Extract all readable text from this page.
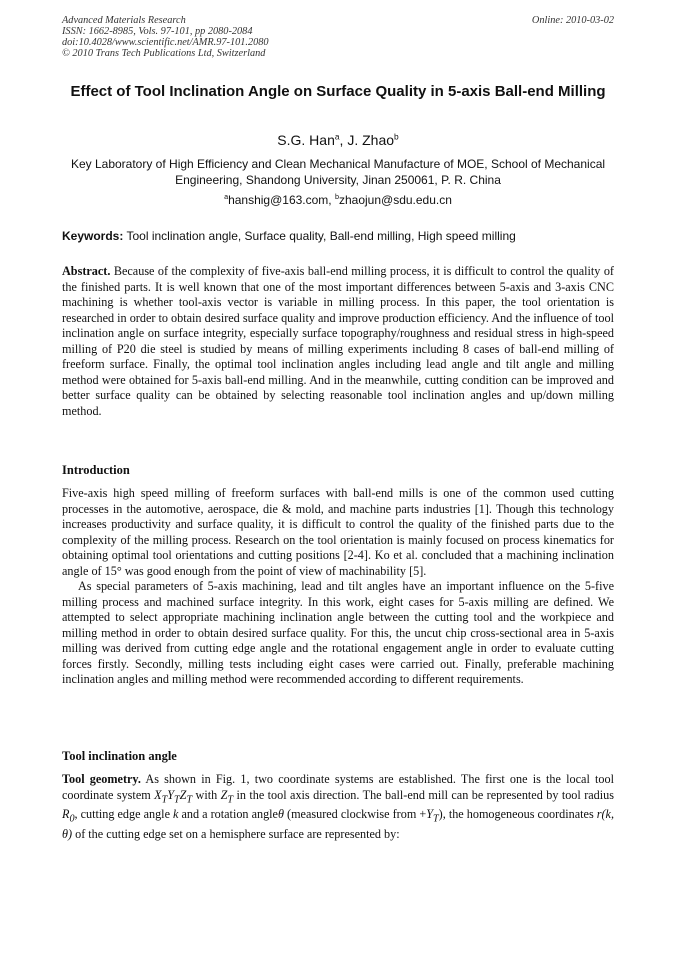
Advanced Materials Research
ISSN: 1662-8985, Vols. 97-101, pp 2080-2084
doi:10.4028/www.scientific.net/AMR.97-101.2080
© 2010 Trans Tech Publications Ltd, Switzerland
Online: 2010-03-02
Effect of Tool Inclination Angle on Surface Quality in 5-axis Ball-end Milling
S.G. Han$^a$, J. Zhao$^b$
Key Laboratory of High Efficiency and Clean Mechanical Manufacture of MOE, School of Mechanical Engineering, Shandong University, Jinan 250061, P. R. China
$^a$hanshig@163.com, $^b$zhaojun@sdu.edu.cn
Keywords: Tool inclination angle, Surface quality, Ball-end milling, High speed milling
Abstract. Because of the complexity of five-axis ball-end milling process, it is difficult to control the quality of the finished parts. It is well known that one of the most important differences between 5-axis and 3-axis CNC machining is whether tool-axis vector is variable in milling process. In this paper, the tool orientation is researched in order to obtain desired surface quality and improve production efficiency. And the influence of tool inclination angle on surface integrity, especially surface topography/roughness and residual stress in high-speed milling of P20 die steel is studied by means of milling experiments including 8 cases of ball-end milling of freeform surface. Finally, the optimal tool inclination angles including lead angle and tilt angle and milling method were obtained for 5-axis ball-end milling. And in the meanwhile, cutting condition can be improved and better surface quality can be obtained by selecting reasonable tool inclination angles and up/down milling method.
Introduction

Five-axis high speed milling of freeform surfaces with ball-end mills is one of the common used cutting processes in the automotive, aerospace, die & mold, and machine parts industries [1]. Though this technology increases productivity and surface quality, it is difficult to control the quality of the finished parts due to the complexity of the milling process. Research on the tool orientation is mainly focused on process kinematics for obtaining optimal tool orientations and cutting positions [2-4]. Ko et al. concluded that a machining inclination angle of 15° was good enough from the point of view of machinability [5].

As special parameters of 5-axis machining, lead and tilt angles have an important influence on the 5-five milling process and machined surface integrity. In this work, eight cases for 5-axis milling are defined. We attempted to select appropriate machining inclination angle between the cutting tool and the workpiece and milling method in order to obtain desired surface quality. For this, the uncut chip cross-sectional area in 5-axis milling was derived from cutting edge angle and the rotational engagement angle in order to evaluate cutting forces firstly. Secondly, milling tests including eight cases were carried out. Finally, preferable machining inclination angles and milling method were recommended according to different requirements.

Tool inclination angle
Tool geometry. As shown in Fig. 1, two coordinate systems are established. The first one is the local tool coordinate system $X_TY_TZ_T$ with $Z_T$ in the tool axis direction. The ball-end mill can be represented by tool radius $R_0$, cutting edge angle k and a rotation angleθ (measured clockwise from $+Y_T$), the homogeneous coordinates r(k, θ) of the cutting edge set on a hemisphere surface are represented by:
